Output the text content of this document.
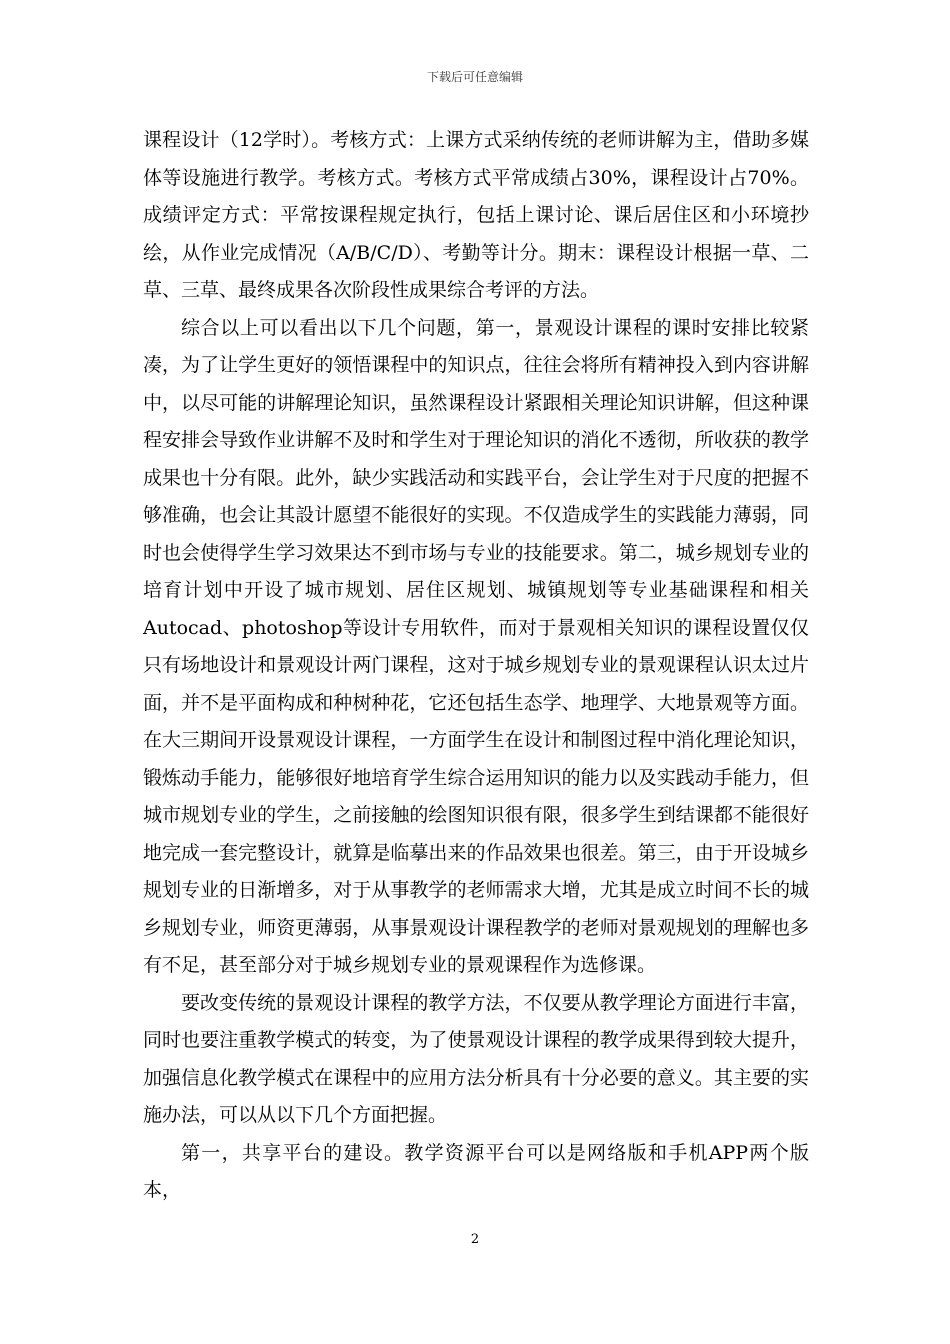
下载后可任意编辑

课程设计（12学时）。考核方式：上课方式采纳传统的老师讲解为主，借助多媒体等设施进行教学。考核方式。考核方式平常成绩占30%，课程设计占70%。成绩评定方式：平常按课程规定执行，包括上课讨论、课后居住区和小环境抄绘，从作业完成情况（A/B/C/D）、考勤等计分。期末：课程设计根据一草、二草、三草、最终成果各次阶段性成果综合考评的方法。

综合以上可以看出以下几个问题，第一，景观设计课程的课时安排比较紧凑，为了让学生更好的领悟课程中的知识点，往往会将所有精神投入到内容讲解中，以尽可能的讲解理论知识，虽然课程设计紧跟相关理论知识讲解，但这种课程安排会导致作业讲解不及时和学生对于理论知识的消化不透彻，所收获的教学成果也十分有限。此外，缺少实践活动和实践平台，会让学生对于尺度的把握不够准确，也会让其設计愿望不能很好的实现。不仅造成学生的实践能力薄弱，同时也会使得学生学习效果达不到市场与专业的技能要求。第二，城乡规划专业的培育计划中开设了城市规划、居住区规划、城镇规划等专业基础课程和相关Autocad、photoshop等设计专用软件，而对于景观相关知识的课程设置仅仅只有场地设计和景观设计两门课程，这对于城乡规划专业的景观课程认识太过片面，并不是平面构成和种树种花，它还包括生态学、地理学、大地景观等方面。在大三期间开设景观设计课程，一方面学生在设计和制图过程中消化理论知识，锻炼动手能力，能够很好地培育学生综合运用知识的能力以及实践动手能力，但城市规划专业的学生，之前接触的绘图知识很有限，很多学生到结课都不能很好地完成一套完整设计，就算是临摹出来的作品效果也很差。第三，由于开设城乡规划专业的日渐增多，对于从事教学的老师需求大增，尤其是成立时间不长的城乡规划专业，师资更薄弱，从事景观设计课程教学的老师对景观规划的理解也多有不足，甚至部分对于城乡规划专业的景观课程作为选修课。

要改变传统的景观设计课程的教学方法，不仅要从教学理论方面进行丰富，同时也要注重教学模式的转变，为了使景观设计课程的教学成果得到较大提升，加强信息化教学模式在课程中的应用方法分析具有十分必要的意义。其主要的实施办法，可以从以下几个方面把握。

第一，共享平台的建设。教学资源平台可以是网络版和手机APP两个版本，

2
